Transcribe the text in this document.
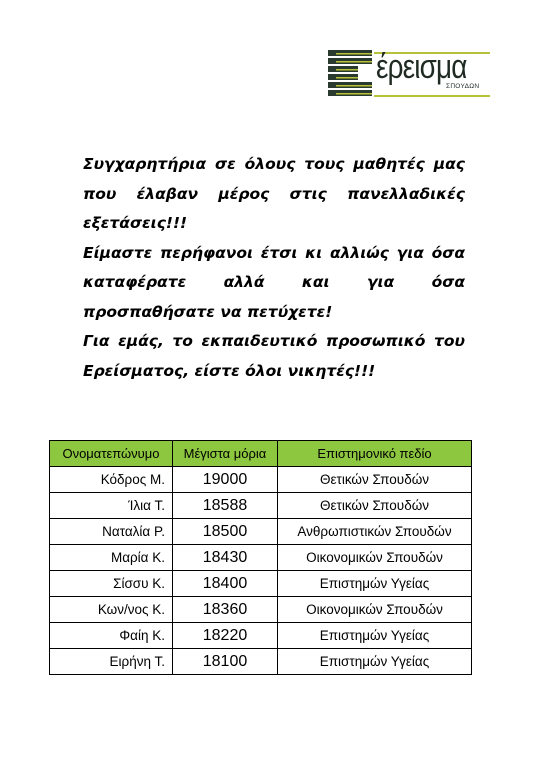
έρεισμα
ΣΠΟΥΔΩΝ

Συγχαρητήρια σε όλους τους μαθητές μας που έλαβαν μέρος στις πανελλαδικές εξετάσεις!!!

Είμαστε περήφανοι έτσι κι αλλιώς για όσα καταφέρατε αλλά και για όσα προσπαθήσατε να πετύχετε!

Για εμάς, το εκπαιδευτικό προσωπικό του Ερείσματος, είστε όλοι νικητές!!!

Ονοματεπώνυμο	Μέγιστα μόρια	Επιστημονικό πεδίο
Κόδρος Μ.	19000	Θετικών Σπουδών
Ίλια Τ.	18588	Θετικών Σπουδών
Ναταλία Ρ.	18500	Ανθρωπιστικών Σπουδών
Μαρία Κ.	18430	Οικονομικών Σπουδών
Σίσσυ Κ.	18400	Επιστημών Υγείας
Κων/νος Κ.	18360	Οικονομικών Σπουδών
Φαίη Κ.	18220	Επιστημών Υγείας
Ειρήνη Τ.	18100	Επιστημών Υγείας
